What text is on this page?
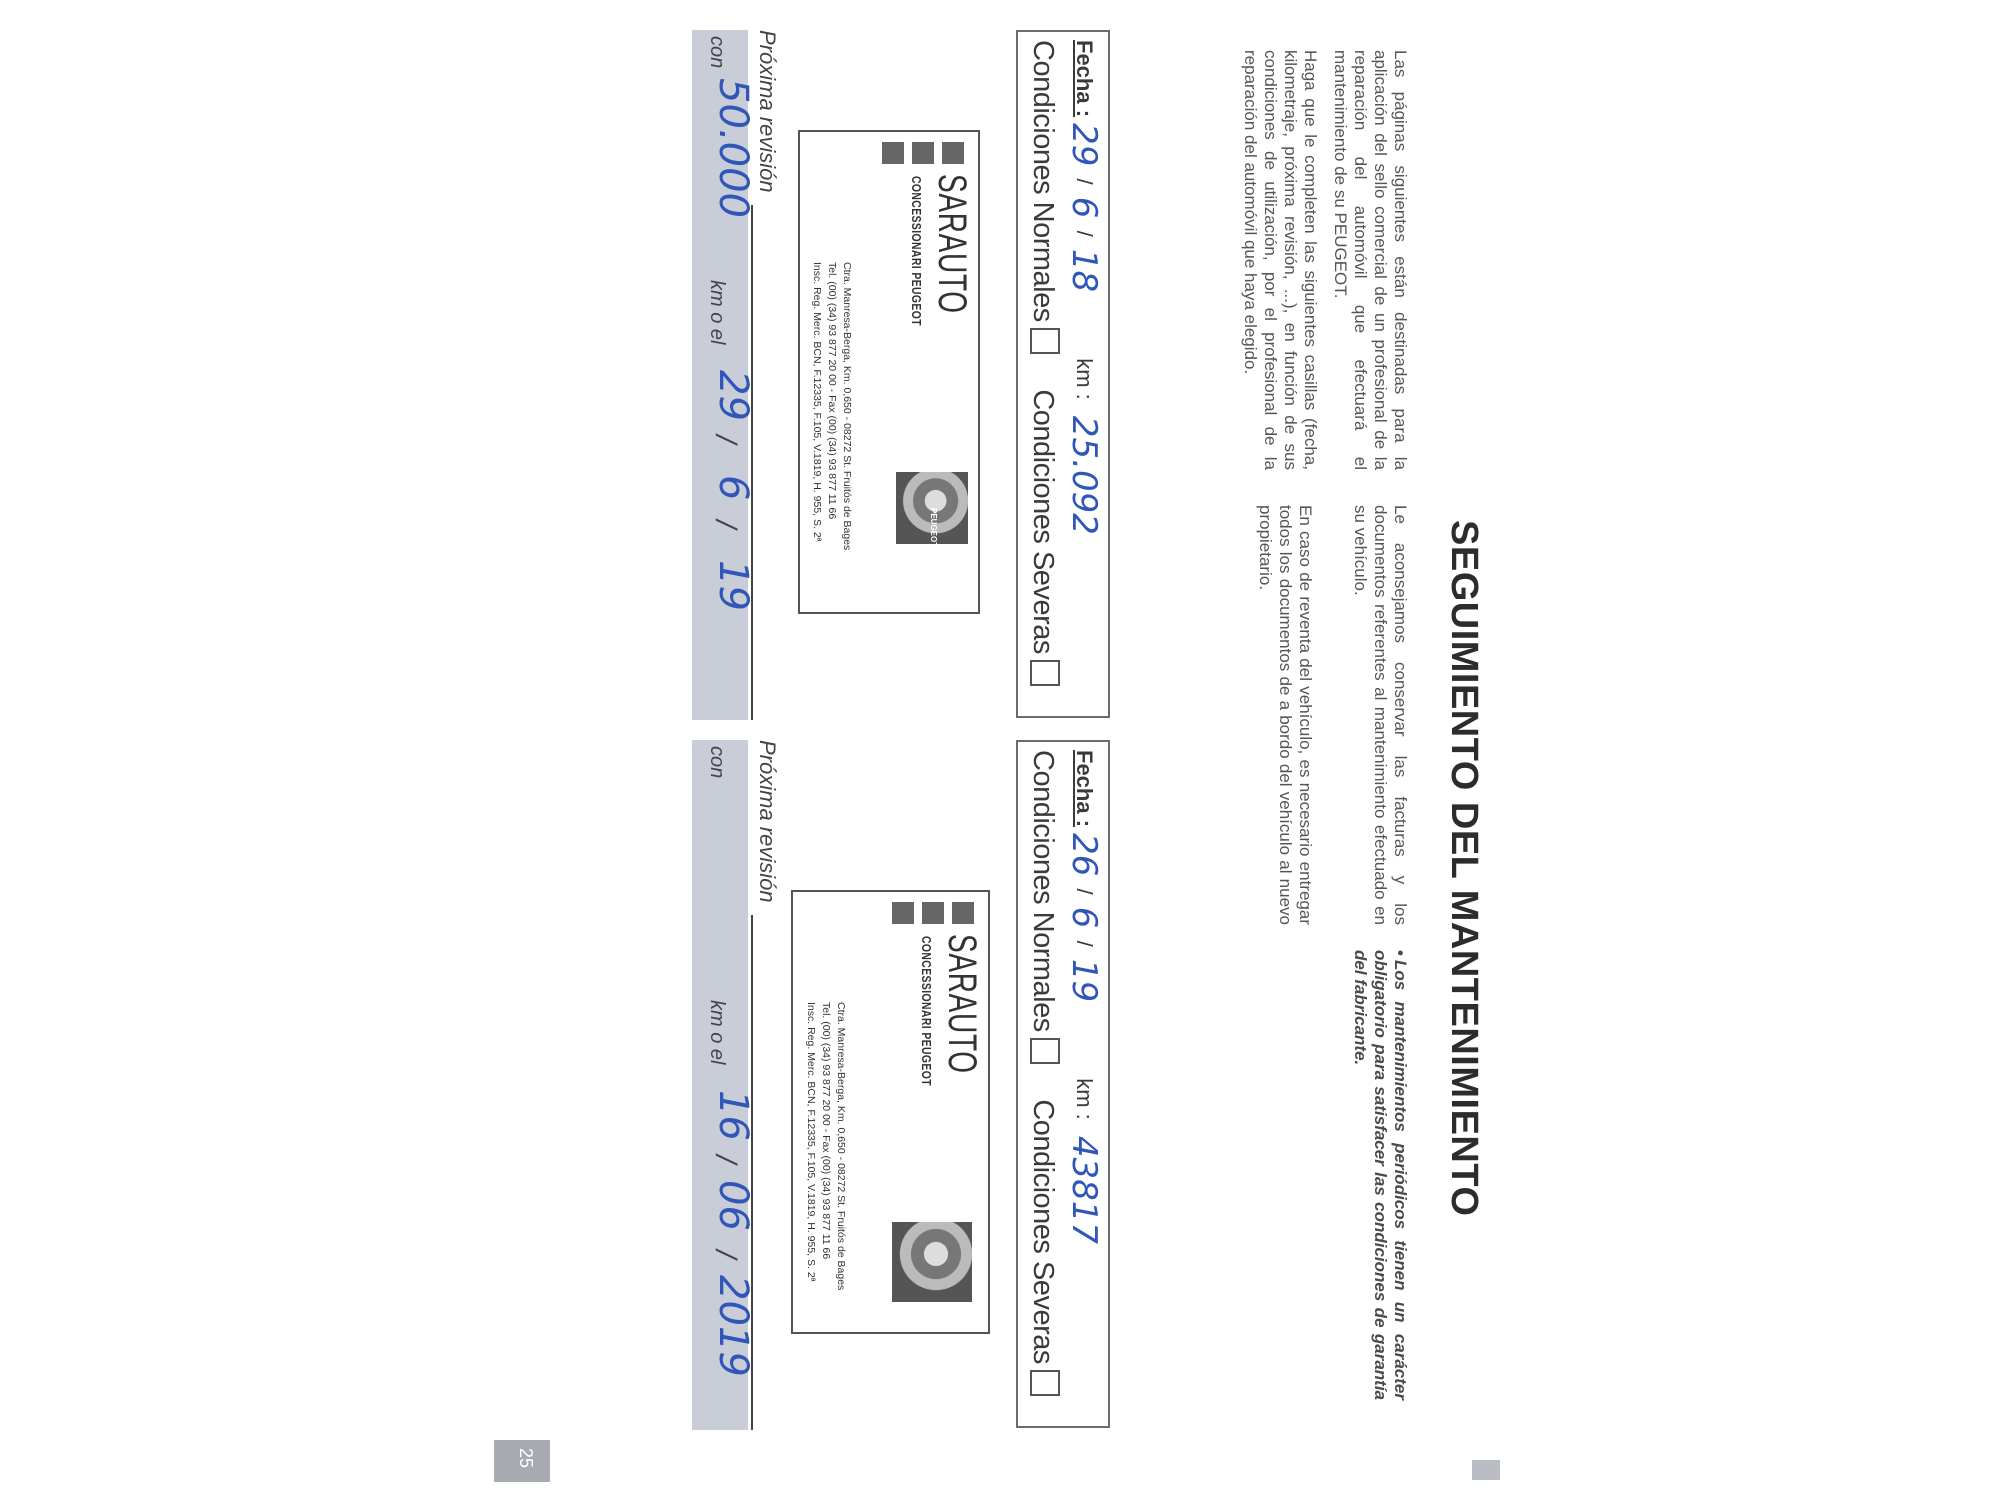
SEGUIMIENTO DEL MANTENIMIENTO
Las páginas siguientes están destinadas para la aplicación del sello comercial de un profesional de la reparación del automóvil que efectuará el mantenimiento de su PEUGEOT.
Haga que le completen las siguientes casillas (fecha, kilometraje, próxima revisión, ...), en función de sus condiciones de utilización, por el profesional de la reparación del automóvil que haya elegido.
Le aconsejamos conservar las facturas y los documentos referentes al mantenimiento efectuado en su vehículo.
En caso de reventa del vehículo, es necesario entregar todos los documentos de a bordo del vehículo al nuevo propietario.
•Los mantenimientos periódicos tienen un carácter obligatorio para satisfacer las condiciones de garantía del fabricante.
Fecha : 29 / 6 / 18 km : 25.092
Condiciones Normales Condiciones Severas
SARAUTO
CONCESSIONARI PEUGEOT
PEUGEOT
Ctra. Manresa-Berga, Km. 0,650 - 08272 St. Fruitós de Bages
Tel. (00) (34) 93 877 20 00 - Fax (00) (34) 93 877 11 66
Insc. Reg. Merc. BCN, F.12335, F.105, V.1819, H. 955, S. 2ª
Próxima revisión
con
50.000
km o el
29
/
6
/
19
Fecha : 26 / 6 / 19 km : 43817
Condiciones Normales Condiciones Severas
SARAUTO
CONCESSIONARI PEUGEOT
Ctra. Manresa-Berga, Km. 0,650 - 08272 St. Fruitós de Bages
Tel. (00) (34) 93 877 20 00 - Fax (00) (34) 93 877 11 66
Insc. Reg. Merc. BCN, F.12335, F.105, V.1819, H. 955, S. 2ª
Próxima revisión
con
km o el
16
/
06
/
2019
25
